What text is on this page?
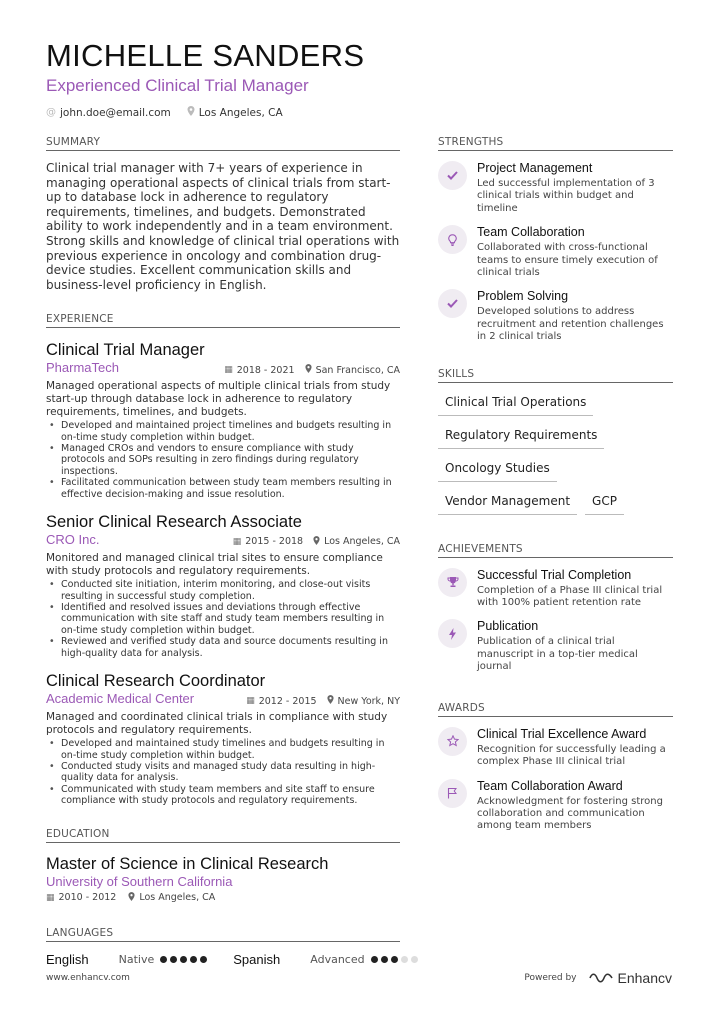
MICHELLE SANDERS
Experienced Clinical Trial Manager
@ john.doe@email.com	Los Angeles, CA
SUMMARY
Clinical trial manager with 7+ years of experience in managing operational aspects of clinical trials from start-up to database lock in adherence to regulatory requirements, timelines, and budgets. Demonstrated ability to work independently and in a team environment. Strong skills and knowledge of clinical trial operations with previous experience in oncology and combination drug-device studies. Excellent communication skills and business-level proficiency in English.
EXPERIENCE
Clinical Trial Manager
PharmaTech	▦ 2018 - 2021 San Francisco, CA
Managed operational aspects of multiple clinical trials from study start-up through database lock in adherence to regulatory requirements, timelines, and budgets.
• Developed and maintained project timelines and budgets resulting in on-time study completion within budget.
• Managed CROs and vendors to ensure compliance with study protocols and SOPs resulting in zero findings during regulatory inspections.
• Facilitated communication between study team members resulting in effective decision-making and issue resolution.
Senior Clinical Research Associate
CRO Inc.	▦ 2015 - 2018 Los Angeles, CA
Monitored and managed clinical trial sites to ensure compliance with study protocols and regulatory requirements.
• Conducted site initiation, interim monitoring, and close-out visits resulting in successful study completion.
• Identified and resolved issues and deviations through effective communication with site staff and study team members resulting in on-time study completion within budget.
• Reviewed and verified study data and source documents resulting in high-quality data for analysis.
Clinical Research Coordinator
Academic Medical Center	▦ 2012 - 2015 New York, NY
Managed and coordinated clinical trials in compliance with study protocols and regulatory requirements.
• Developed and maintained study timelines and budgets resulting in on-time study completion within budget.
• Conducted study visits and managed study data resulting in high-quality data for analysis.
• Communicated with study team members and site staff to ensure compliance with study protocols and regulatory requirements.
EDUCATION
Master of Science in Clinical Research
University of Southern California
▦ 2010 - 2012 Los Angeles, CA
LANGUAGES
English	Native	Spanish	Advanced
STRENGTHS
Project Management
Led successful implementation of 3 clinical trials within budget and timeline
Team Collaboration
Collaborated with cross-functional teams to ensure timely execution of clinical trials
Problem Solving
Developed solutions to address recruitment and retention challenges in 2 clinical trials
SKILLS
Clinical Trial Operations
Regulatory Requirements
Oncology Studies
Vendor Management	GCP
ACHIEVEMENTS
Successful Trial Completion
Completion of a Phase III clinical trial with 100% patient retention rate
Publication
Publication of a clinical trial manuscript in a top-tier medical journal
AWARDS
Clinical Trial Excellence Award
Recognition for successfully leading a complex Phase III clinical trial
Team Collaboration Award
Acknowledgment for fostering strong collaboration and communication among team members
www.enhancv.com	Powered by	Enhancv
